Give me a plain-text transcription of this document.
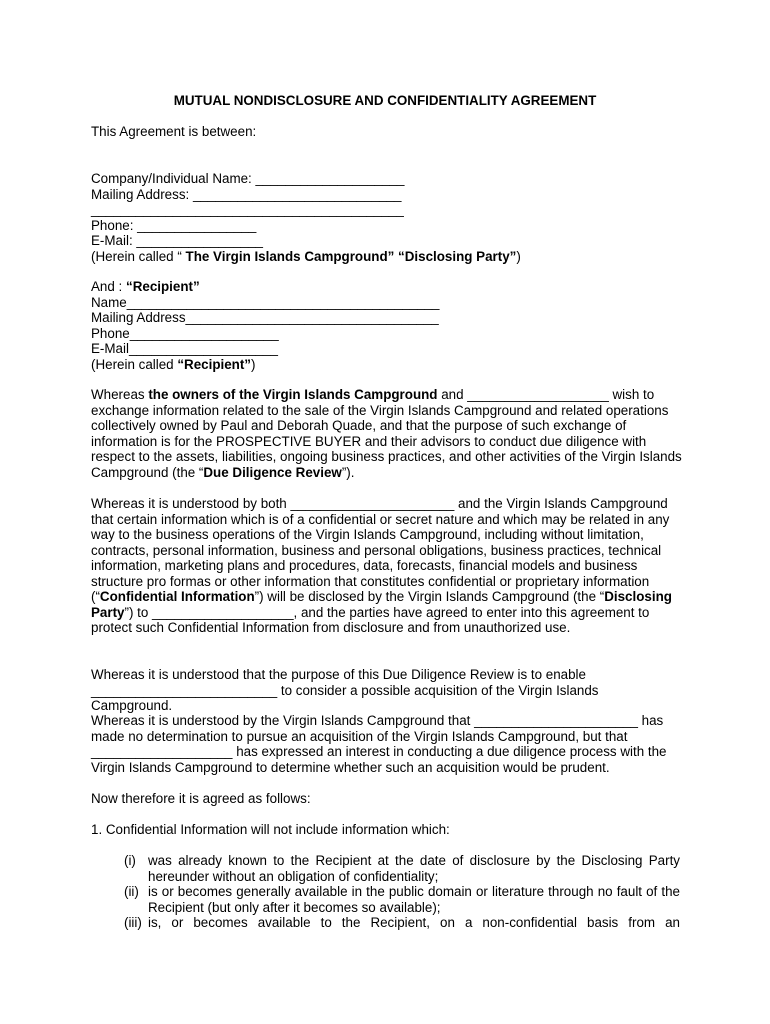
MUTUAL NONDISCLOSURE AND CONFIDENTIALITY AGREEMENT

This Agreement is between:

Company/Individual Name: ____________________

Mailing Address: ____________________________

__________________________________________

Phone: ________________

E-Mail: _________________

(Herein called “ The Virgin Islands Campground” “Disclosing Party”)

And : “Recipient”

Name__________________________________________

Mailing Address__________________________________

Phone____________________

E-Mail____________________

(Herein called “Recipient”)

Whereas the owners of the Virgin Islands Campground and ___________________ wish to exchange information related to the sale of the Virgin Islands Campground and related operations collectively owned by Paul and Deborah Quade, and that the purpose of such exchange of information is for the PROSPECTIVE BUYER and their advisors to conduct due diligence with respect to the assets, liabilities, ongoing business practices, and other activities of the Virgin Islands Campground (the “Due Diligence Review”).

Whereas it is understood by both ______________________ and the Virgin Islands Campground that certain information which is of a confidential or secret nature and which may be related in any way to the business operations of the Virgin Islands Campground, including without limitation, contracts, personal information, business and personal obligations, business practices, technical information, marketing plans and procedures, data, forecasts, financial models and business structure pro formas or other information that constitutes confidential or proprietary information (“Confidential Information”) will be disclosed by the Virgin Islands Campground (the “Disclosing Party”) to ___________________, and the parties have agreed to enter into this agreement to protect such Confidential Information from disclosure and from unauthorized use.

Whereas it is understood that the purpose of this Due Diligence Review is to enable _________________________ to consider a possible acquisition of the Virgin Islands Campground.

Whereas it is understood by the Virgin Islands Campground that ______________________ has made no determination to pursue an acquisition of the Virgin Islands Campground, but that ___________________ has expressed an interest in conducting a due diligence process with the Virgin Islands Campground to determine whether such an acquisition would be prudent.

Now therefore it is agreed as follows:

1. Confidential Information will not include information which:

(i) was already known to the Recipient at the date of disclosure by the Disclosing Party hereunder without an obligation of confidentiality;
(ii) is or becomes generally available in the public domain or literature through no fault of the Recipient (but only after it becomes so available);
(iii) is, or becomes available to the Recipient, on a non-confidential basis from an
